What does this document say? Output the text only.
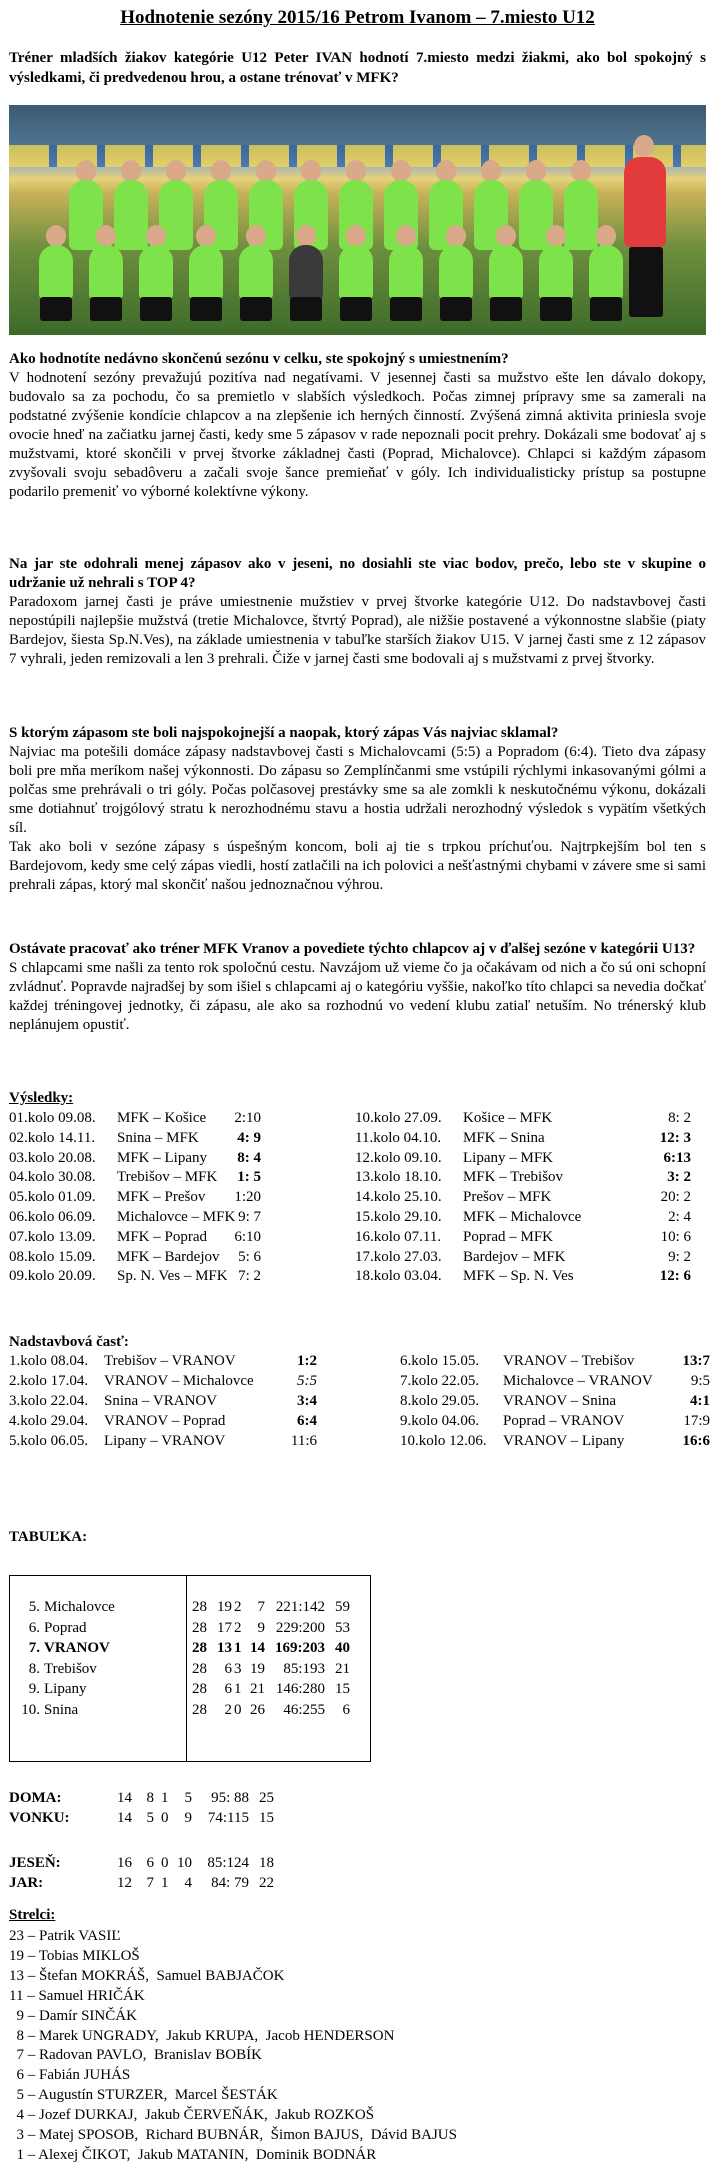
Hodnotenie sezóny 2015/16 Petrom Ivanom – 7.miesto U12
Tréner mladších žiakov kategórie U12 Peter IVAN hodnotí 7.miesto medzi žiakmi, ako bol spokojný s výsledkami, či predvedenou hrou, a ostane trénovať v MFK?
Ako hodnotíte nedávno skončenú sezónu v celku, ste spokojný s umiestnením?
V hodnotení sezóny prevažujú pozitíva nad negatívami. V jesennej časti sa mužstvo ešte len dávalo dokopy, budovalo sa za pochodu, čo sa premietlo v slabších výsledkoch. Počas zimnej prípravy sme sa zamerali na podstatné zvýšenie kondície chlapcov a na zlepšenie ich herných činností. Zvýšená zimná aktivita priniesla svoje ovocie hneď na začiatku jarnej časti, kedy sme 5 zápasov v rade nepoznali pocit prehry. Dokázali sme bodovať aj s mužstvami, ktoré skončili v prvej štvorke základnej časti (Poprad, Michalovce). Chlapci si každým zápasom zvyšovali svoju sebadôveru a začali svoje šance premieňať v góly. Ich individualisticky prístup sa postupne podarilo premeniť vo výborné kolektívne výkony.
Na jar ste odohrali menej zápasov ako v jeseni, no dosiahli ste viac bodov, prečo, lebo ste v skupine o udržanie už nehrali s TOP 4?
Paradoxom jarnej časti je práve umiestnenie mužstiev v prvej štvorke kategórie U12. Do nadstavbovej časti nepostúpili najlepšie mužstvá (tretie Michalovce, štvrtý Poprad), ale nižšie postavené a výkonnostne slabšie (piaty Bardejov, šiesta Sp.N.Ves), na základe umiestnenia v tabuľke starších žiakov U15. V jarnej časti sme z 12 zápasov 7 vyhrali, jeden remizovali a len 3 prehrali. Čiže v jarnej časti sme bodovali aj s mužstvami z prvej štvorky.
S ktorým zápasom ste boli najspokojnejší a naopak, ktorý zápas Vás najviac sklamal?
Najviac ma potešili domáce zápasy nadstavbovej časti s Michalovcami (5:5) a Popradom (6:4). Tieto dva zápasy boli pre mňa meríkom našej výkonnosti. Do zápasu so Zemplínčanmi sme vstúpili rýchlymi inkasovanými gólmi a polčas sme prehrávali o tri góly. Počas polčasovej prestávky sme sa ale zomkli k neskutočnému výkonu, dokázali sme dotiahnuť trojgólový stratu k nerozhodnému stavu a hostia udržali nerozhodný výsledok s vypätím všetkých síl.
Tak ako boli v sezóne zápasy s úspešným koncom, boli aj tie s trpkou príchuťou. Najtrpkejším bol ten s Bardejovom, kedy sme celý zápas viedli, hostí zatlačili na ich polovici a nešťastnými chybami v závere sme si sami prehrali zápas, ktorý mal skončiť našou jednoznačnou výhrou.
Ostávate pracovať ako tréner MFK Vranov a povediete týchto chlapcov aj v ďalšej sezóne v kategórii U13?
S chlapcami sme našli za tento rok spoločnú cestu. Navzájom už vieme čo ja očakávam od nich a čo sú oni schopní zvládnuť. Popravde najradšej by som išiel s chlapcami aj o kategóriu vyššie, nakoľko títo chlapci sa nevedia dočkať každej tréningovej jednotky, či zápasu, ale ako sa rozhodnú vo vedení klubu zatiaľ netuším. No trénerský klub neplánujem opustiť.
Výsledky:
01.kolo 09.08. MFK – Košice 2:10
02.kolo 14.11. Snina – MFK	4: 9
03.kolo 20.08. MFK – Lipany 8: 4
04.kolo 30.08. Trebišov – MFK 1: 5
05.kolo 01.09. MFK – Prešov 1:20
06.kolo 06.09. Michalovce – MFK 9: 7
07.kolo 13.09. MFK – Poprad 6:10
08.kolo 15.09. MFK – Bardejov 5: 6
09.kolo 20.09. Sp. N. Ves – MFK 7: 2
10.kolo 27.09. Košice – MFK	8: 2
11.kolo 04.10. MFK – Snina	12: 3
12.kolo 09.10. Lipany – MFK	6:13
13.kolo 18.10. MFK – Trebišov	3: 2
14.kolo 25.10. Prešov – MFK	20: 2
15.kolo 29.10. MFK – Michalovce	2: 4
16.kolo 07.11. Poprad – MFK	10: 6
17.kolo 27.03. Bardejov – MFK	9: 2
18.kolo 03.04. MFK – Sp. N. Ves	12: 6
Nadstavbová časť:
1.kolo 08.04. Trebišov – VRANOV	1:2
2.kolo 17.04. VRANOV – Michalovce	5:5
3.kolo 22.04. Snina – VRANOV	3:4
4.kolo 29.04. VRANOV – Poprad	6:4
5.kolo 06.05. Lipany – VRANOV	11:6
6.kolo 15.05. VRANOV – Trebišov	13:7
7.kolo 22.05. Michalovce – VRANOV	9:5
8.kolo 29.05. VRANOV – Snina	4:1
9.kolo 04.06. Poprad – VRANOV	17:9
10.kolo 12.06. VRANOV – Lipany	16:6
TABUĽKA:
5. Michalovce	28 19 2 7 221:142 59
6. Poprad	28 17 2 9 229:200 53
7. VRANOV	28 13 1 14 169:203 40
8. Trebišov	28 6 3 19 85:193 21
9. Lipany	28 6 1 21 146:280 15
10. Snina	28 2 0 26 46:255 6
DOMA:	14 8 1 5 95: 88 25
VONKU:	14 5 0 9 74:115 15
JESEŇ:	16 6 0 10 85:124 18
JAR:	12 7 1 4 84: 79 22
Strelci:
23 – Patrik VASIĽ
19 – Tobias MIKLOŠ
13 – Štefan MOKRÁŠ,  Samuel BABJAČOK
11 – Samuel HRIČÁK
9 – Damír SINČÁK
8 – Marek UNGRADY,  Jakub KRUPA,  Jacob HENDERSON
7 – Radovan PAVLO,  Branislav BOBÍK
6 – Fabián JUHÁS
5 – Augustín STURZER,  Marcel ŠESTÁK
4 – Jozef DURKAJ,  Jakub ČERVEŇÁK,  Jakub ROZKOŠ
3 – Matej SPOSOB,  Richard BUBNÁR,  Šimon BAJUS,  Dávid BAJUS
1 – Alexej ČIKOT,  Jakub MATANIN,  Dominik BODNÁR
